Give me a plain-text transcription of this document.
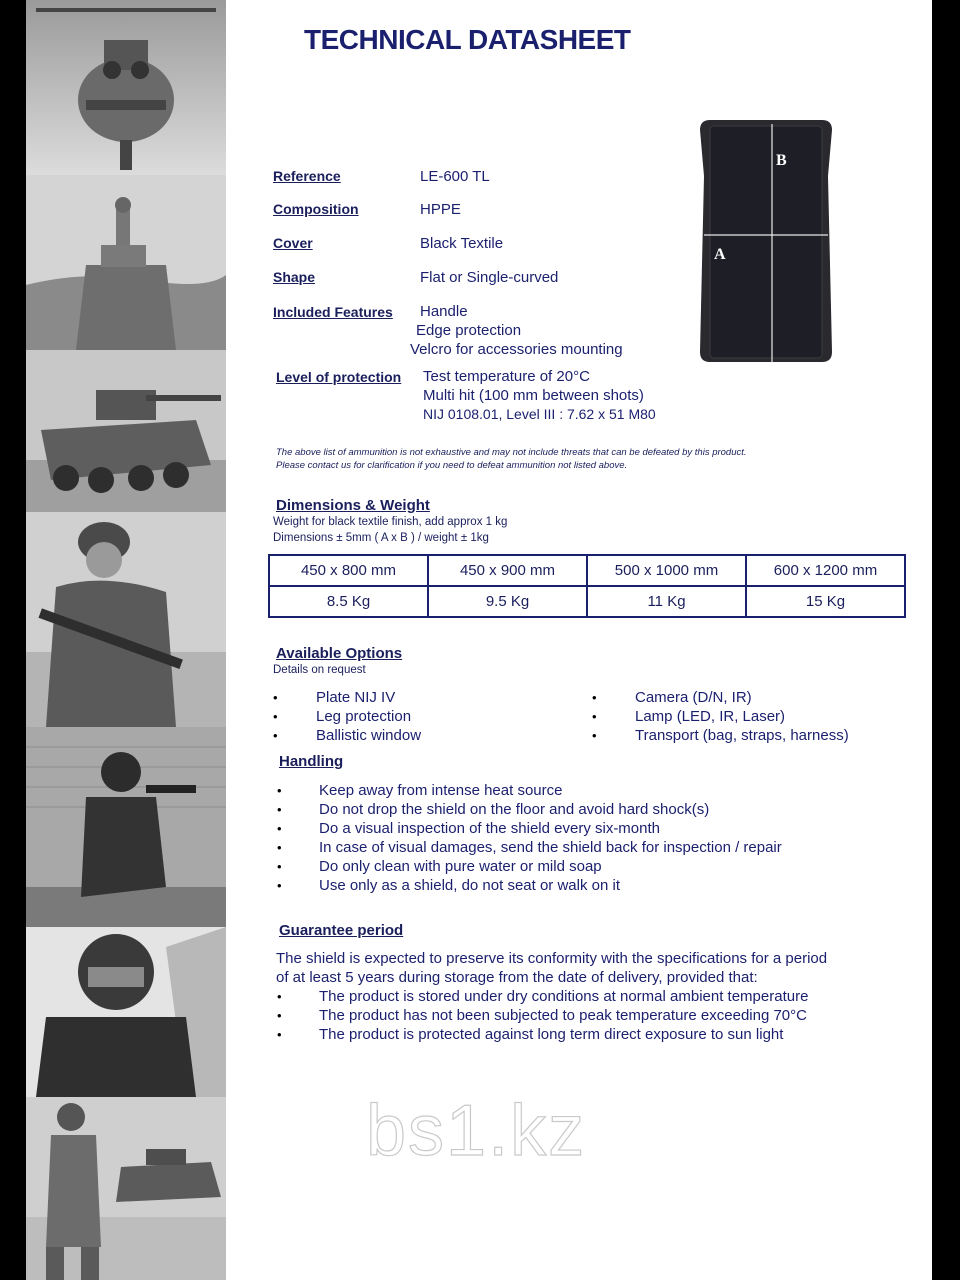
TECHNICAL DATASHEET
Reference	LE-600 TL
Composition	HPPE
Cover	Black Textile
Shape	Flat or Single-curved
Included Features Handle
Edge protection
Velcro for accessories mounting
Level of protection Test temperature of 20°C
Multi hit (100 mm between shots)
NIJ 0108.01, Level III : 7.62 x 51 M80
B
A
The above list of ammunition is not exhaustive and may not include threats that can be defeated by this product.
Please contact us for clarification if you need to defeat ammunition not listed above.
Dimensions & Weight
Weight for black textile finish, add approx 1 kg
Dimensions ± 5mm ( A x B ) / weight ± 1kg
450 x 800 mm	450 x 900 mm	500 x 1000 mm	600 x 1200 mm
8.5 Kg	9.5 Kg	11 Kg	15 Kg
Available Options
Details on request
•	Plate NIJ IV
•	Leg protection
•	Ballistic window
•	Camera (D/N, IR)
•	Lamp (LED, IR, Laser)
•	Transport (bag, straps, harness)
Handling
• Keep away from intense heat source
• Do not drop the shield on the floor and avoid hard shock(s)
• Do a visual inspection of the shield every six-month
• In case of visual damages, send the shield back for inspection / repair
• Do only clean with pure water or mild soap
• Use only as a shield, do not seat or walk on it
Guarantee period
The shield is expected to preserve its conformity with the specifications for a period
of at least 5 years during storage from the date of delivery, provided that:
• The product is stored under dry conditions at normal ambient temperature
• The product has not been subjected to peak temperature exceeding 70°C
• The product is protected against long term direct exposure to sun light
bs1.kz
